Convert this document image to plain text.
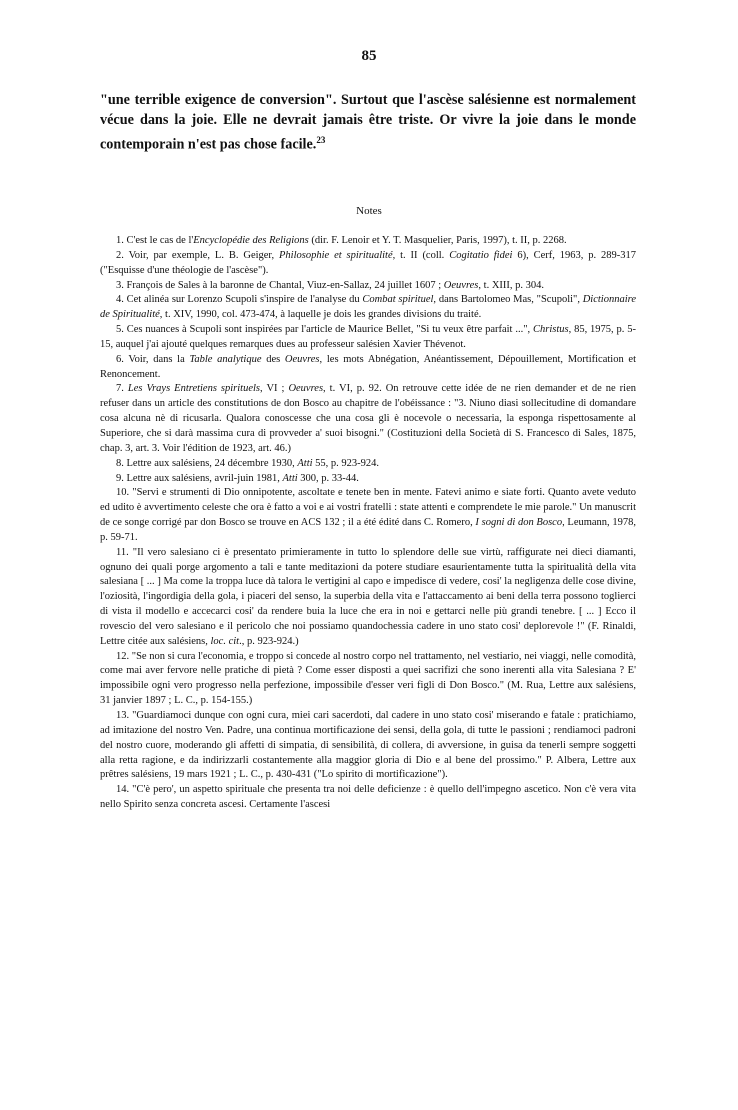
85
"une terrible exigence de conversion". Surtout que l'ascèse salésienne est normalement vécue dans la joie. Elle ne devrait jamais être triste. Or vivre la joie dans le monde contemporain n'est pas chose facile.$^{23}$
Notes

1. C'est le cas de l'Encyclopédie des Religions (dir. F. Lenoir et Y. T. Masquelier, Paris, 1997), t. II, p. 2268.

2. Voir, par exemple, L. B. Geiger, Philosophie et spiritualité, t. II (coll. Cogitatio fidei 6), Cerf, 1963, p. 289-317 ("Esquisse d'une théologie de l'ascèse").

3. François de Sales à la baronne de Chantal, Viuz-en-Sallaz, 24 juillet 1607 ; Oeuvres, t. XIII, p. 304.

4. Cet alinéa sur Lorenzo Scupoli s'inspire de l'analyse du Combat spirituel, dans Bartolomeo Mas, "Scupoli", Dictionnaire de Spiritualité, t. XIV, 1990, col. 473-474, à laquelle je dois les grandes divisions du traité.

5. Ces nuances à Scupoli sont inspirées par l'article de Maurice Bellet, "Si tu veux être parfait ...", Christus, 85, 1975, p. 5-15, auquel j'ai ajouté quelques remarques dues au professeur salésien Xavier Thévenot.

6. Voir, dans la Table analytique des Oeuvres, les mots Abnégation, Anéantissement, Dépouillement, Mortification et Renoncement.

7. Les Vrays Entretiens spirituels, VI ; Oeuvres, t. VI, p. 92. On retrouve cette idée de ne rien demander et de ne rien refuser dans un article des constitutions de don Bosco au chapitre de l'obéissance : "3. Niuno diasi sollecitudine di domandare cosa alcuna nè di ricusarla. Qualora conoscesse che una cosa gli è nocevole o necessaria, la esponga rispettosamente al Superiore, che si darà massima cura di provveder a' suoi bisogni." (Costituzioni della Società di S. Francesco di Sales, 1875, chap. 3, art. 3. Voir l'édition de 1923, art. 46.)

8. Lettre aux salésiens, 24 décembre 1930, Atti 55, p. 923-924.

9. Lettre aux salésiens, avril-juin 1981, Atti 300, p. 33-44.

10. "Servi e strumenti di Dio onnipotente, ascoltate e tenete ben in mente. Fatevi animo e siate forti. Quanto avete veduto ed udito è avvertimento celeste che ora è fatto a voi e ai vostri fratelli : state attenti e comprendete le mie parole." Un manuscrit de ce songe corrigé par don Bosco se trouve en ACS 132 ; il a été édité dans C. Romero, I sogni di don Bosco, Leumann, 1978, p. 59-71.

11. "Il vero salesiano ci è presentato primieramente in tutto lo splendore delle sue virtù, raffigurate nei dieci diamanti, ognuno dei quali porge argomento a tali e tante meditazioni da potere studiare esaurientamente tutta la spiritualità della vita salesiana [ ... ] Ma come la troppa luce dà talora le vertigini al capo e impedisce di vedere, cosi' la negligenza delle cose divine, l'oziosità, l'ingordigia della gola, i piaceri del senso, la superbia della vita e l'attaccamento ai beni della terra possono toglierci di vista il modello e accecarci cosi' da rendere buia la luce che era in noi e gettarci nelle più grandi tenebre. [ ... ] Ecco il rovescio del vero salesiano e il pericolo che noi possiamo quandochessia cadere in uno stato cosi' deplorevole !" (F. Rinaldi, Lettre citée aux salésiens, loc. cit., p. 923-924.)

12. "Se non si cura l'economia, e troppo si concede al nostro corpo nel trattamento, nel vestiario, nei viaggi, nelle comodità, come mai aver fervore nelle pratiche di pietà ? Come esser disposti a quei sacrifizi che sono inerenti alla vita Salesiana ? E' impossibile ogni vero progresso nella perfezione, impossibile d'esser veri figli di Don Bosco." (M. Rua, Lettre aux salésiens, 31 janvier 1897 ; L. C., p. 154-155.)

13. "Guardiamoci dunque con ogni cura, miei cari sacerdoti, dal cadere in uno stato cosi' miserando e fatale : pratichiamo, ad imitazione del nostro Ven. Padre, una continua mortificazione dei sensi, della gola, di tutte le passioni ; rendiamoci padroni del nostro cuore, moderando gli affetti di simpatia, di sensibilità, di collera, di avversione, in guisa da tenerli sempre soggetti alla retta ragione, e da indirizzarli costantemente alla maggior gloria di Dio e al bene del prossimo." P. Albera, Lettre aux prêtres salésiens, 19 mars 1921 ; L. C., p. 430-431 ("Lo spirito di mortificazione").

14. "C'è pero', un aspetto spirituale che presenta tra noi delle deficienze : è quello dell'impegno ascetico. Non c'è vera vita nello Spirito senza concreta ascesi. Certamente l'ascesi
